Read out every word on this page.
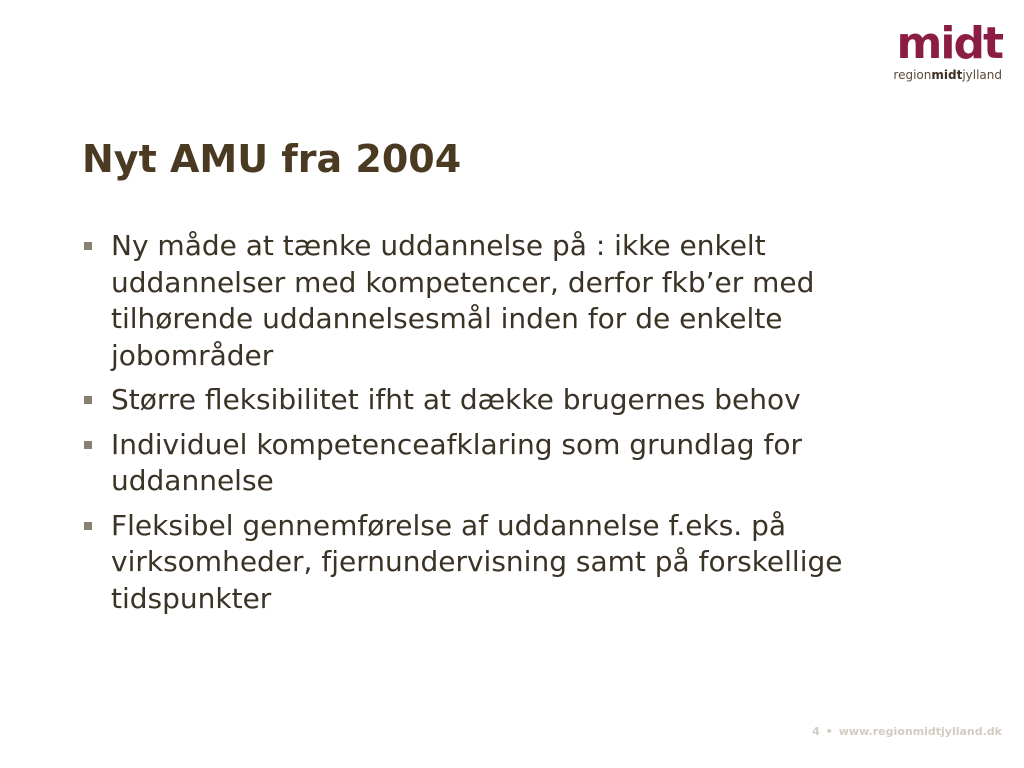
midt
regionmidtjylland
Nyt AMU fra 2004
Ny måde at tænke uddannelse på : ikke enkelt uddannelser med kompetencer, derfor fkb’er med tilhørende uddannelsesmål inden for de enkelte jobområder
Større fleksibilitet ifht at dække brugernes behov
Individuel kompetenceafklaring som grundlag for uddannelse
Fleksibel gennemførelse af uddannelse f.eks. på virksomheder, fjernundervisning samt på forskellige tidspunkter
4 • www.regionmidtjylland.dk
